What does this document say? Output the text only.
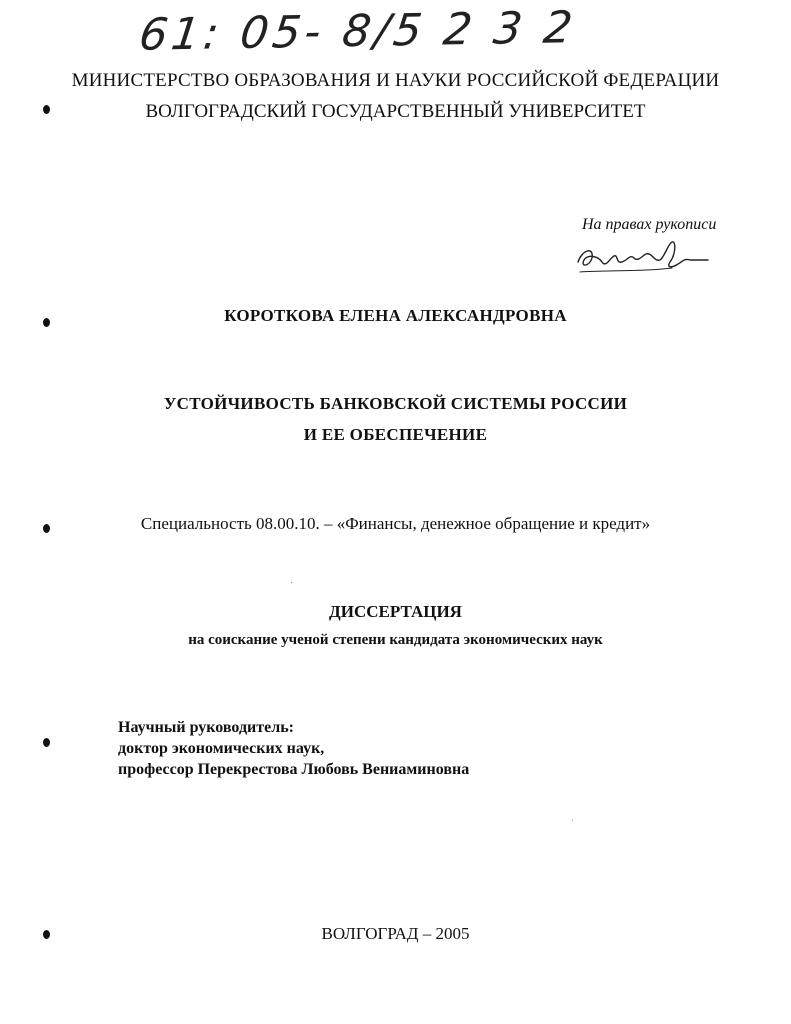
61: 05- 8/5 2 3 2
МИНИСТЕРСТВО ОБРАЗОВАНИЯ И НАУКИ РОССИЙСКОЙ ФЕДЕРАЦИИ
ВОЛГОГРАДСКИЙ ГОСУДАРСТВЕННЫЙ УНИВЕРСИТЕТ
На правах рукописи
КОРОТКОВА ЕЛЕНА АЛЕКСАНДРОВНА
УСТОЙЧИВОСТЬ БАНКОВСКОЙ СИСТЕМЫ РОССИИ
И ЕЕ ОБЕСПЕЧЕНИЕ
Специальность 08.00.10. – «Финансы, денежное обращение и кредит»
ДИССЕРТАЦИЯ
на соискание ученой степени кандидата экономических наук
Научный руководитель:
доктор экономических наук,
профессор Перекрестова Любовь Вениаминовна
ВОЛГОГРАД – 2005
